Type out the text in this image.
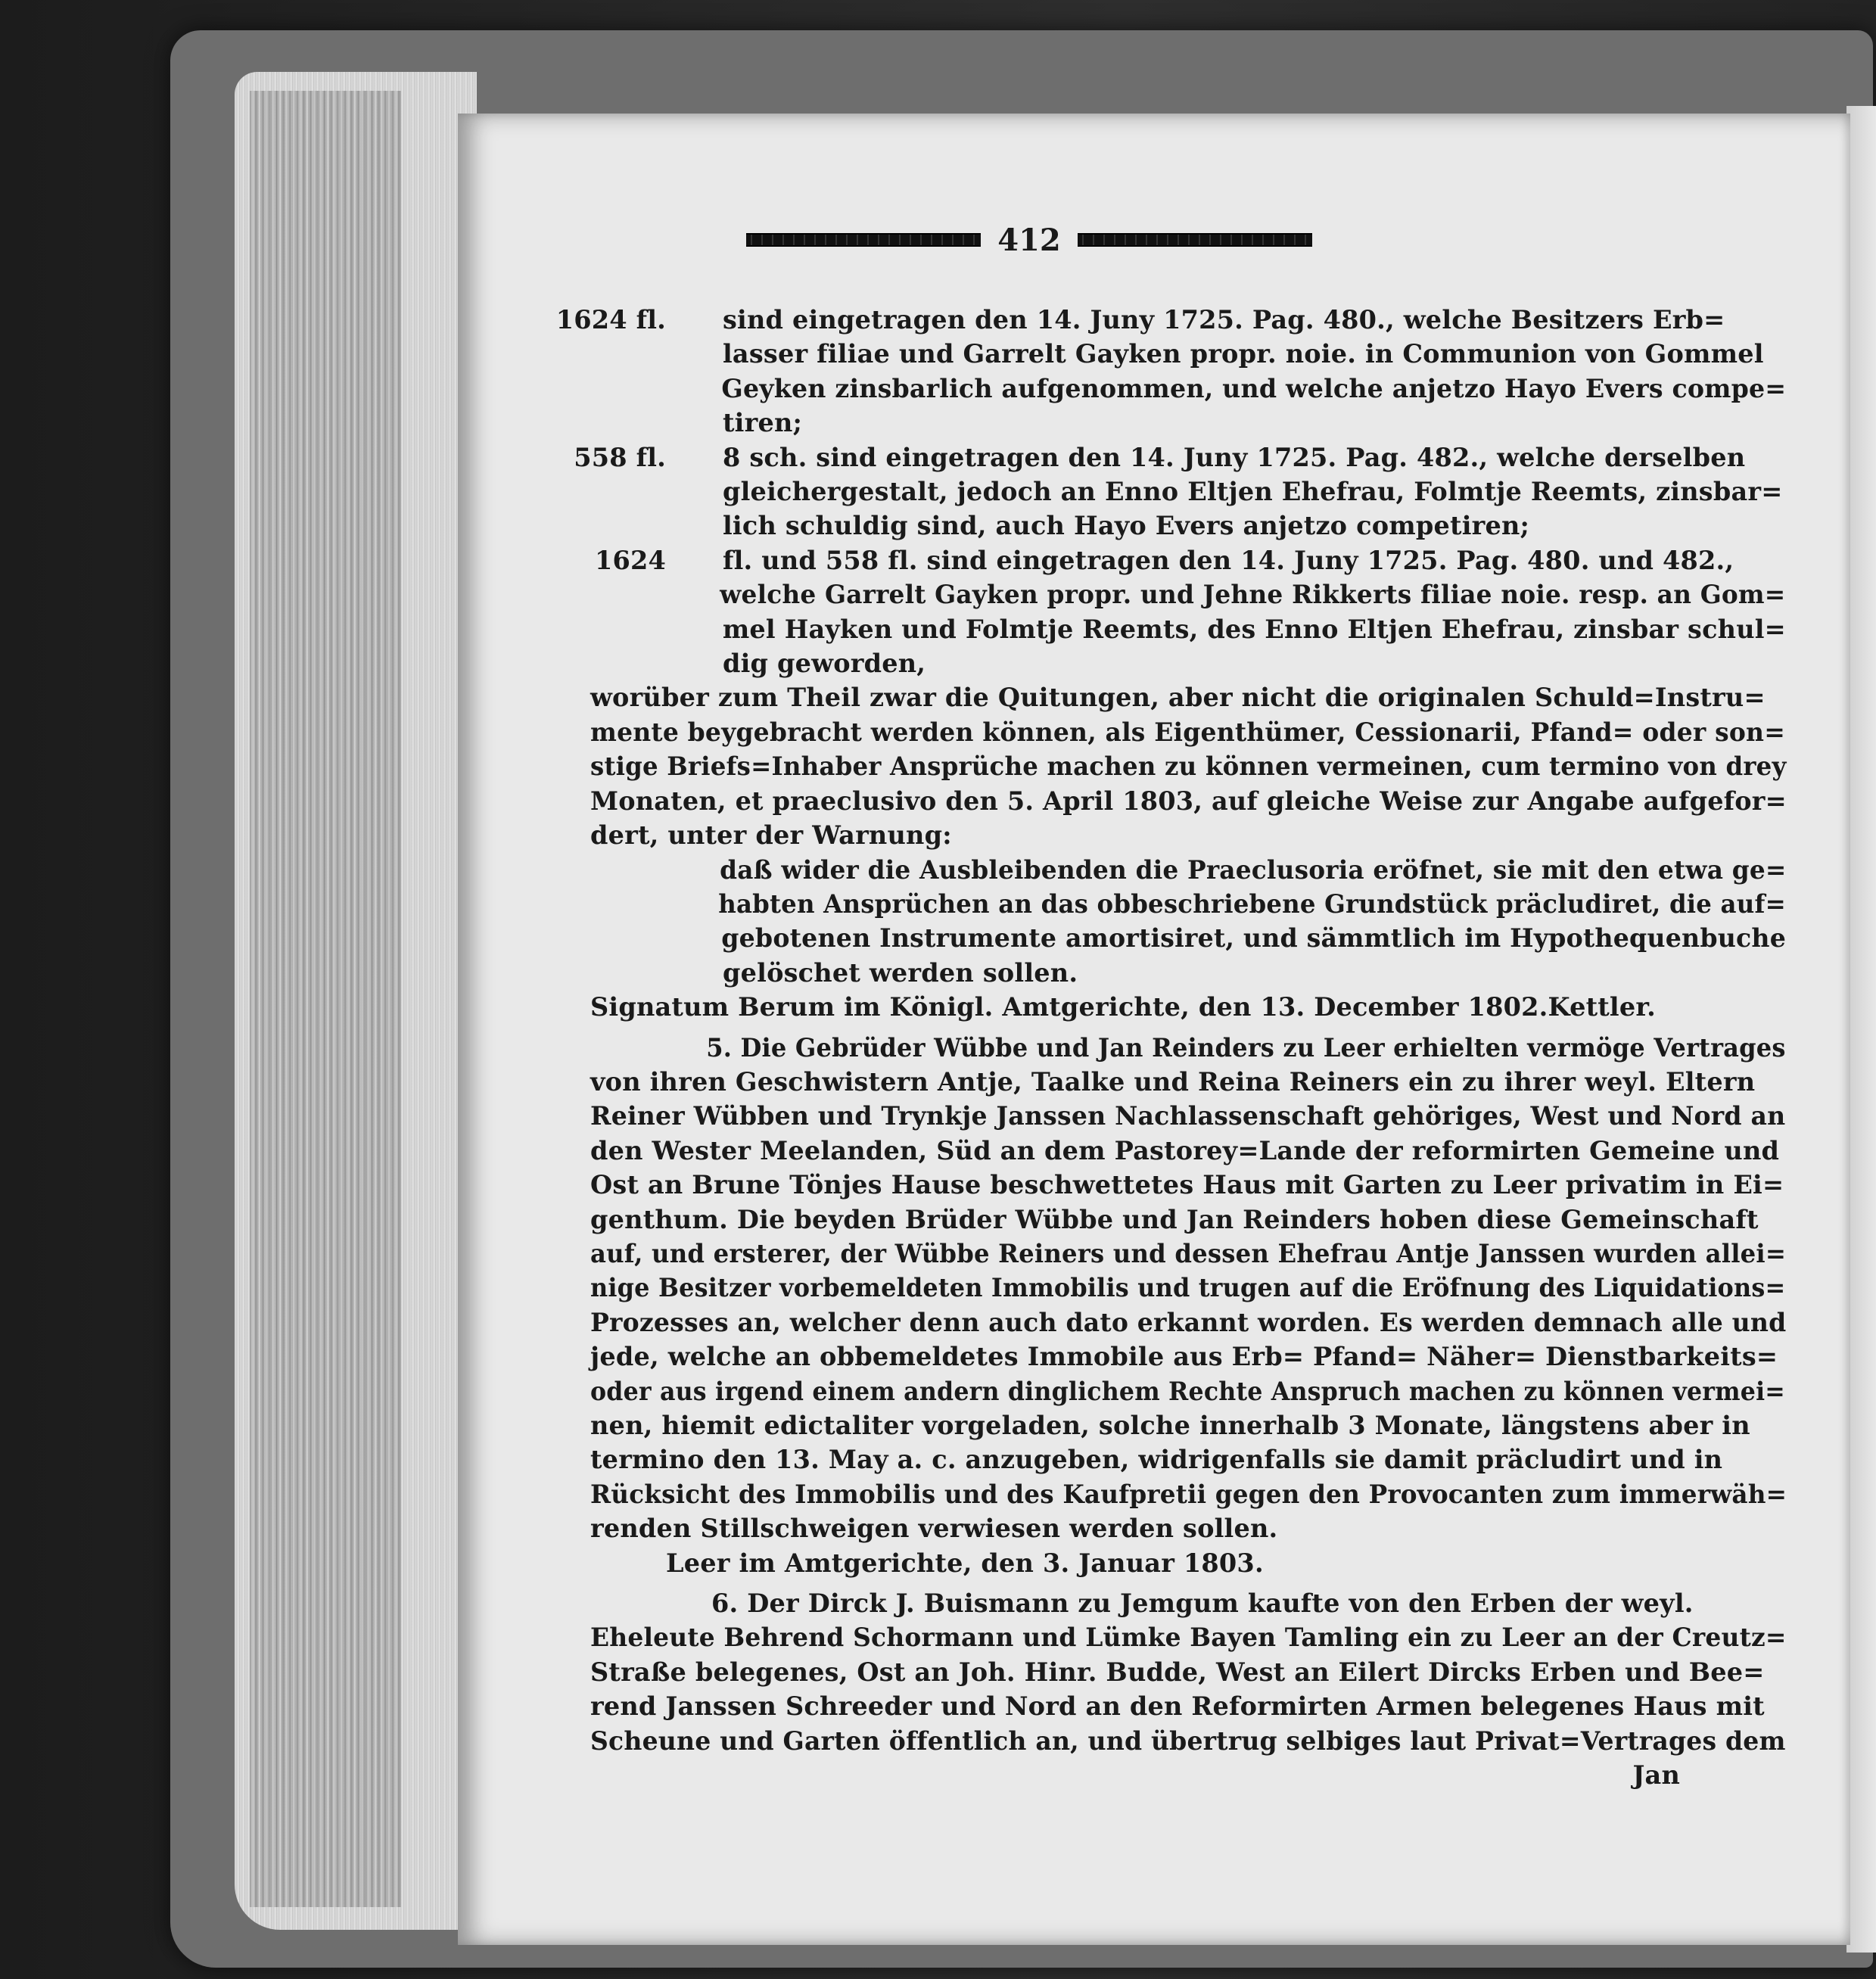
412
1624 fl.	sind eingetragen den 14. Juny 1725. Pag. 480., welche Besitzers Erb=
lasser filiae und Garrelt Gayken propr. noie. in Communion von Gommel
Geyken zinsbarlich aufgenommen, und welche anjetzo Hayo Evers compe=
tiren;
558 fl.	8 sch. sind eingetragen den 14. Juny 1725. Pag. 482., welche derselben
gleichergestalt, jedoch an Enno Eltjen Ehefrau, Folmtje Reemts, zinsbar=
lich schuldig sind, auch Hayo Evers anjetzo competiren;
1624	fl. und 558 fl. sind eingetragen den 14. Juny 1725. Pag. 480. und 482.,
welche Garrelt Gayken propr. und Jehne Rikkerts filiae noie. resp. an Gom=
mel Hayken und Folmtje Reemts, des Enno Eltjen Ehefrau, zinsbar schul=
dig geworden,
worüber zum Theil zwar die Quitungen, aber nicht die originalen Schuld=Instru=
mente beygebracht werden können, als Eigenthümer, Cessionarii, Pfand= oder son=
stige Briefs=Inhaber Ansprüche machen zu können vermeinen, cum termino von drey
Monaten, et praeclusivo den 5. April 1803, auf gleiche Weise zur Angabe aufgefor=
dert, unter der Warnung:
daß wider die Ausbleibenden die Praeclusoria eröfnet, sie mit den etwa ge=
habten Ansprüchen an das obbeschriebene Grundstück präcludiret, die auf=
gebotenen Instrumente amortisiret, und sämmtlich im Hypothequenbuche
gelöschet werden sollen.
Signatum Berum im Königl. Amtgerichte, den 13. December 1802. Kettler.
5. Die Gebrüder Wübbe und Jan Reinders zu Leer erhielten vermöge Vertrages
von ihren Geschwistern Antje, Taalke und Reina Reiners ein zu ihrer weyl. Eltern
Reiner Wübben und Trynkje Janssen Nachlassenschaft gehöriges, West und Nord an
den Wester Meelanden, Süd an dem Pastorey=Lande der reformirten Gemeine und
Ost an Brune Tönjes Hause beschwettetes Haus mit Garten zu Leer privatim in Ei=
genthum. Die beyden Brüder Wübbe und Jan Reinders hoben diese Gemeinschaft
auf, und ersterer, der Wübbe Reiners und dessen Ehefrau Antje Janssen wurden allei=
nige Besitzer vorbemeldeten Immobilis und trugen auf die Eröfnung des Liquidations=
Prozesses an, welcher denn auch dato erkannt worden. Es werden demnach alle und
jede, welche an obbemeldetes Immobile aus Erb= Pfand= Näher= Dienstbarkeits=
oder aus irgend einem andern dinglichem Rechte Anspruch machen zu können vermei=
nen, hiemit edictaliter vorgeladen, solche innerhalb 3 Monate, längstens aber in
termino den 13. May a. c. anzugeben, widrigenfalls sie damit präcludirt und in
Rücksicht des Immobilis und des Kaufpretii gegen den Provocanten zum immerwäh=
renden Stillschweigen verwiesen werden sollen.
Leer im Amtgerichte, den 3. Januar 1803.
6. Der Dirck J. Buismann zu Jemgum kaufte von den Erben der weyl.
Eheleute Behrend Schormann und Lümke Bayen Tamling ein zu Leer an der Creutz=
Straße belegenes, Ost an Joh. Hinr. Budde, West an Eilert Dircks Erben und Bee=
rend Janssen Schreeder und Nord an den Reformirten Armen belegenes Haus mit
Scheune und Garten öffentlich an, und übertrug selbiges laut Privat=Vertrages dem
Jan
